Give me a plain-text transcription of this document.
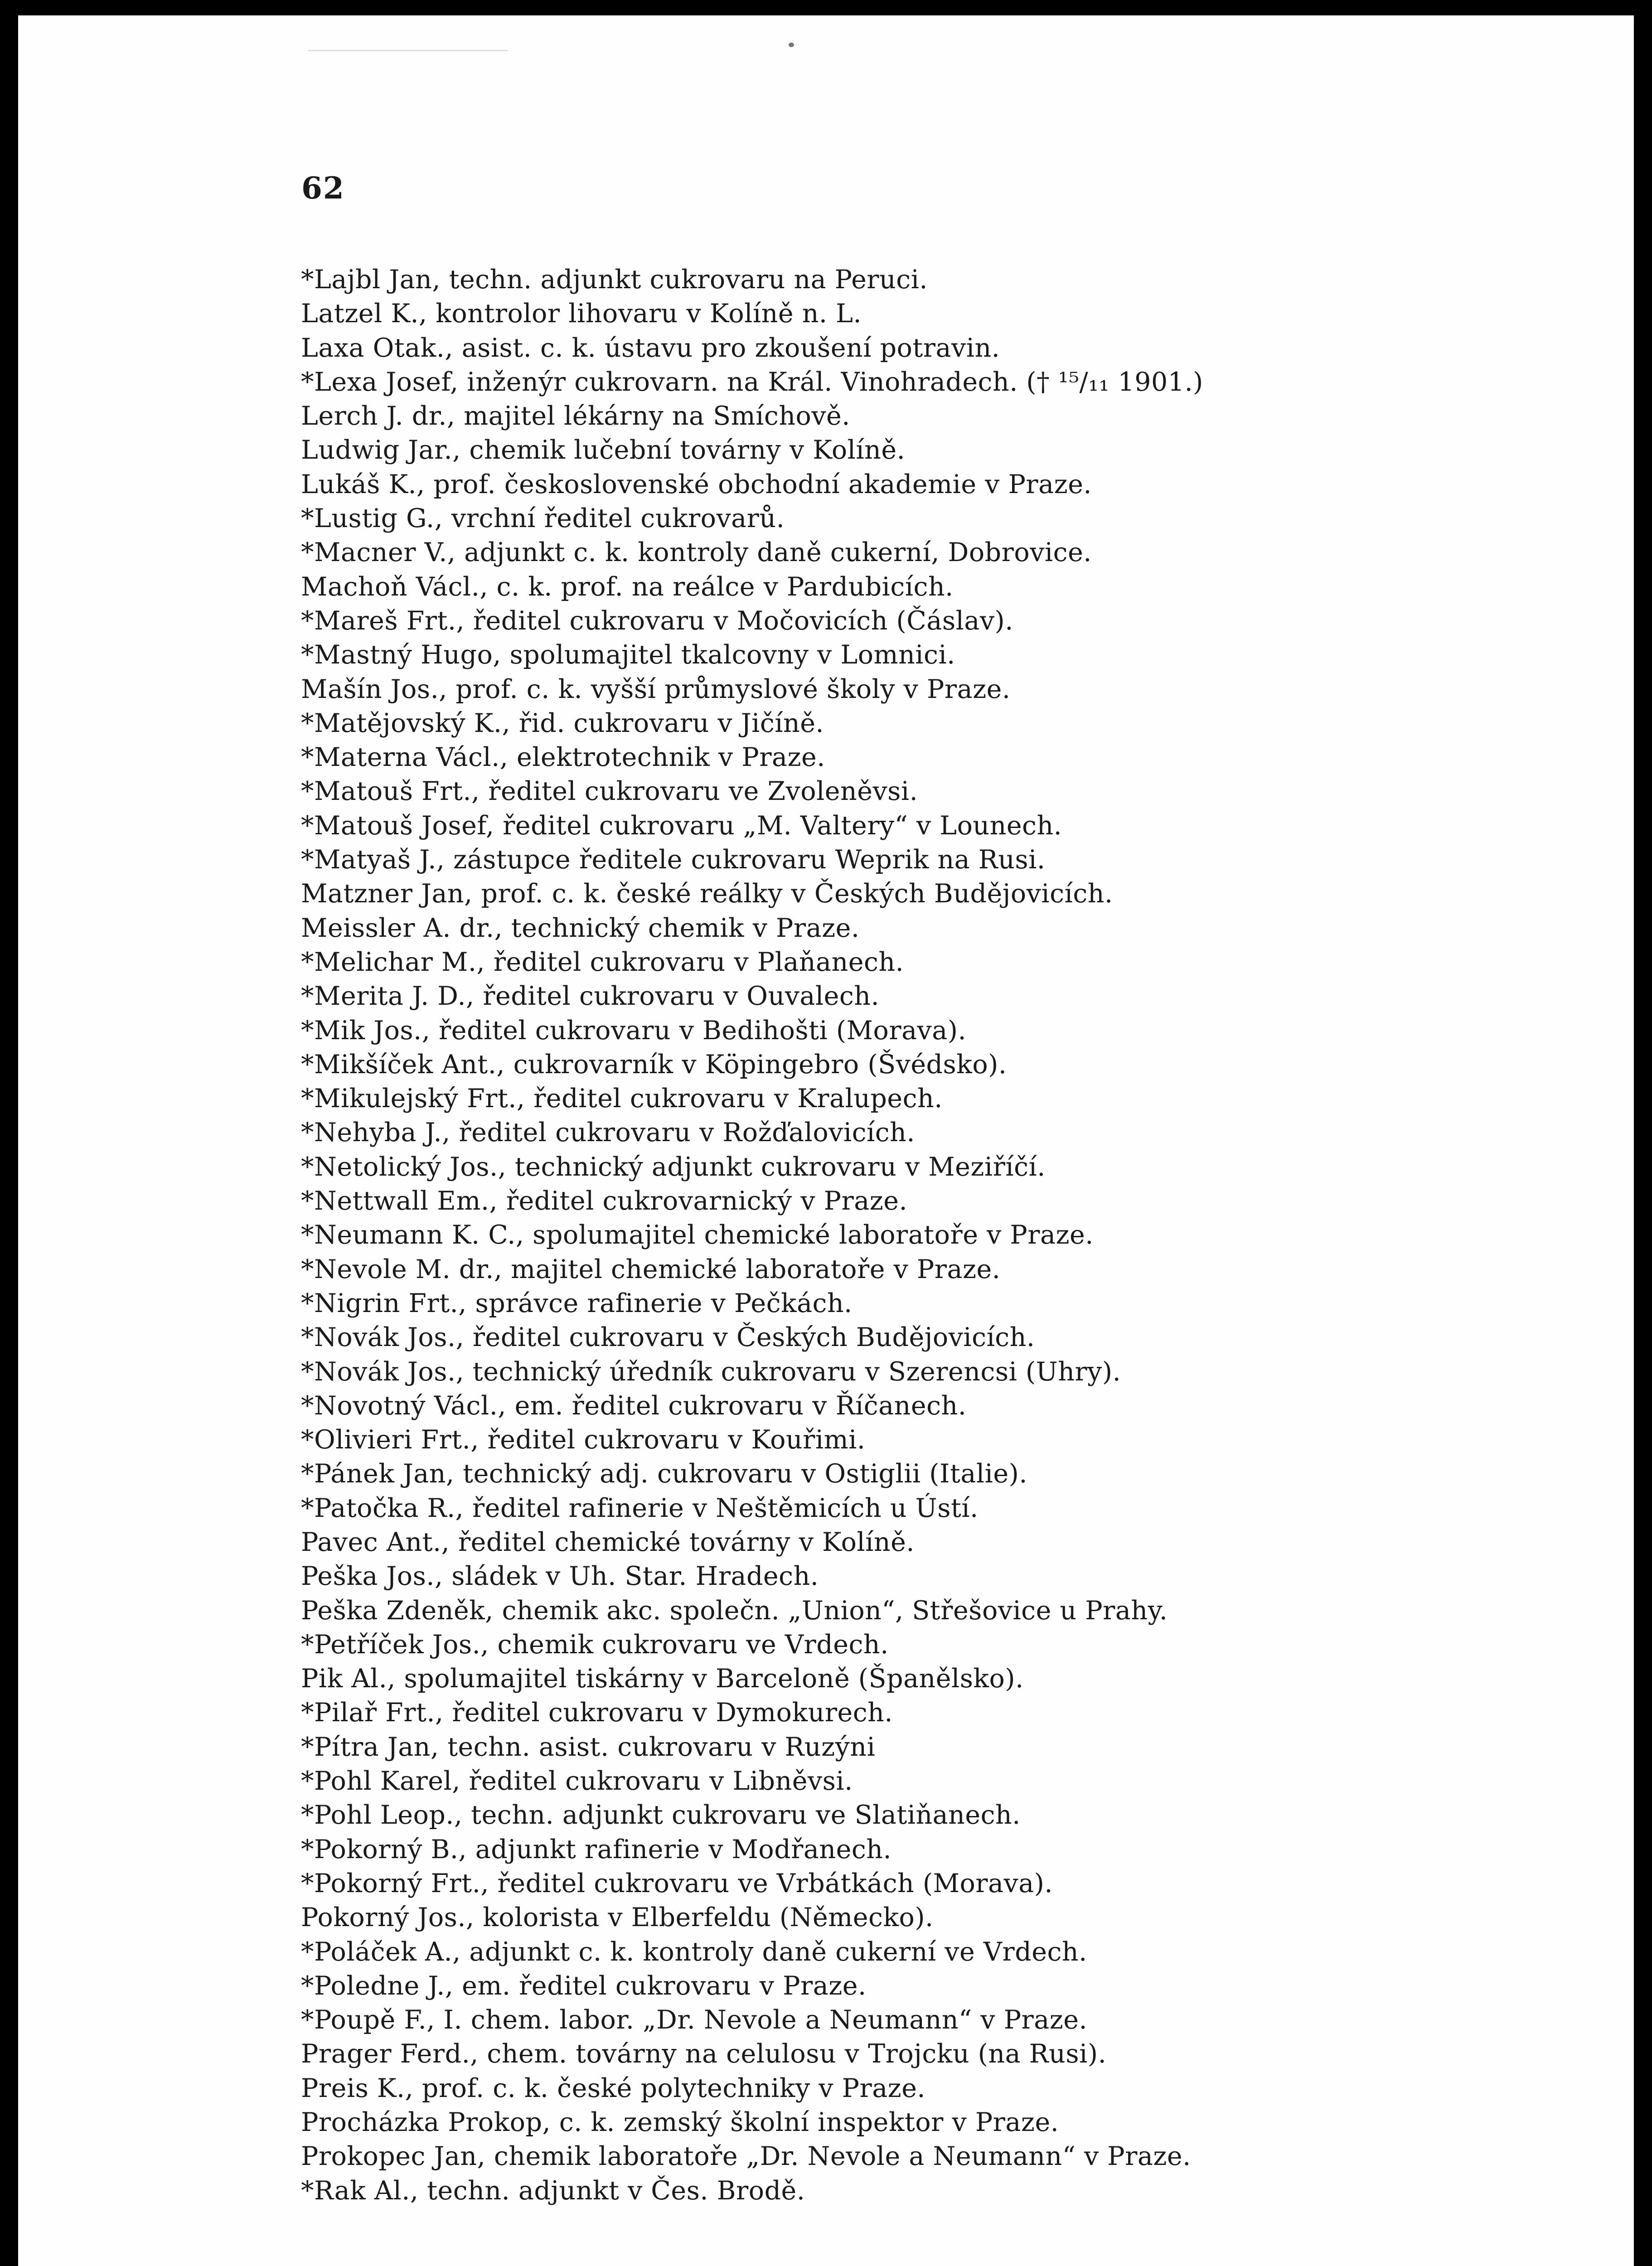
62
*Lajbl Jan, techn. adjunkt cukrovaru na Peruci.
Latzel K., kontrolor lihovaru v Kolíně n. L.
Laxa Otak., asist. c. k. ústavu pro zkoušení potravin.
*Lexa Josef, inženýr cukrovarn. na Král. Vinohradech. († ¹⁵/₁₁ 1901.)
Lerch J. dr., majitel lékárny na Smíchově.
Ludwig Jar., chemik lučební továrny v Kolíně.
Lukáš K., prof. československé obchodní akademie v Praze.
*Lustig G., vrchní ředitel cukrovarů.
*Macner V., adjunkt c. k. kontroly daně cukerní, Dobrovice.
Machoň Václ., c. k. prof. na reálce v Pardubicích.
*Mareš Frt., ředitel cukrovaru v Močovicích (Čáslav).
*Mastný Hugo, spolumajitel tkalcovny v Lomnici.
Mašín Jos., prof. c. k. vyšší průmyslové školy v Praze.
*Matějovský K., řid. cukrovaru v Jičíně.
*Materna Václ., elektrotechnik v Praze.
*Matouš Frt., ředitel cukrovaru ve Zvoleněvsi.
*Matouš Josef, ředitel cukrovaru „M. Valtery“ v Lounech.
*Matyaš J., zástupce ředitele cukrovaru Weprik na Rusi.
Matzner Jan, prof. c. k. české reálky v Českých Budějovicích.
Meissler A. dr., technický chemik v Praze.
*Melichar M., ředitel cukrovaru v Plaňanech.
*Merita J. D., ředitel cukrovaru v Ouvalech.
*Mik Jos., ředitel cukrovaru v Bedihošti (Morava).
*Mikšíček Ant., cukrovarník v Köpingebro (Švédsko).
*Mikulejský Frt., ředitel cukrovaru v Kralupech.
*Nehyba J., ředitel cukrovaru v Rožďalovicích.
*Netolický Jos., technický adjunkt cukrovaru v Meziříčí.
*Nettwall Em., ředitel cukrovarnický v Praze.
*Neumann K. C., spolumajitel chemické laboratoře v Praze.
*Nevole M. dr., majitel chemické laboratoře v Praze.
*Nigrin Frt., správce rafinerie v Pečkách.
*Novák Jos., ředitel cukrovaru v Českých Budějovicích.
*Novák Jos., technický úředník cukrovaru v Szerencsi (Uhry).
*Novotný Václ., em. ředitel cukrovaru v Říčanech.
*Olivieri Frt., ředitel cukrovaru v Kouřimi.
*Pánek Jan, technický adj. cukrovaru v Ostiglii (Italie).
*Patočka R., ředitel rafinerie v Neštěmicích u Ústí.
Pavec Ant., ředitel chemické továrny v Kolíně.
Peška Jos., sládek v Uh. Star. Hradech.
Peška Zdeněk, chemik akc. společn. „Union“, Střešovice u Prahy.
*Petříček Jos., chemik cukrovaru ve Vrdech.
Pik Al., spolumajitel tiskárny v Barceloně (Španělsko).
*Pilař Frt., ředitel cukrovaru v Dymokurech.
*Pítra Jan, techn. asist. cukrovaru v Ruzýni
*Pohl Karel, ředitel cukrovaru v Libněvsi.
*Pohl Leop., techn. adjunkt cukrovaru ve Slatiňanech.
*Pokorný B., adjunkt rafinerie v Modřanech.
*Pokorný Frt., ředitel cukrovaru ve Vrbátkách (Morava).
Pokorný Jos., kolorista v Elberfeldu (Německo).
*Poláček A., adjunkt c. k. kontroly daně cukerní ve Vrdech.
*Poledne J., em. ředitel cukrovaru v Praze.
*Poupě F., I. chem. labor. „Dr. Nevole a Neumann“ v Praze.
Prager Ferd., chem. továrny na celulosu v Trojcku (na Rusi).
Preis K., prof. c. k. české polytechniky v Praze.
Procházka Prokop, c. k. zemský školní inspektor v Praze.
Prokopec Jan, chemik laboratoře „Dr. Nevole a Neumann“ v Praze.
*Rak Al., techn. adjunkt v Čes. Brodě.
